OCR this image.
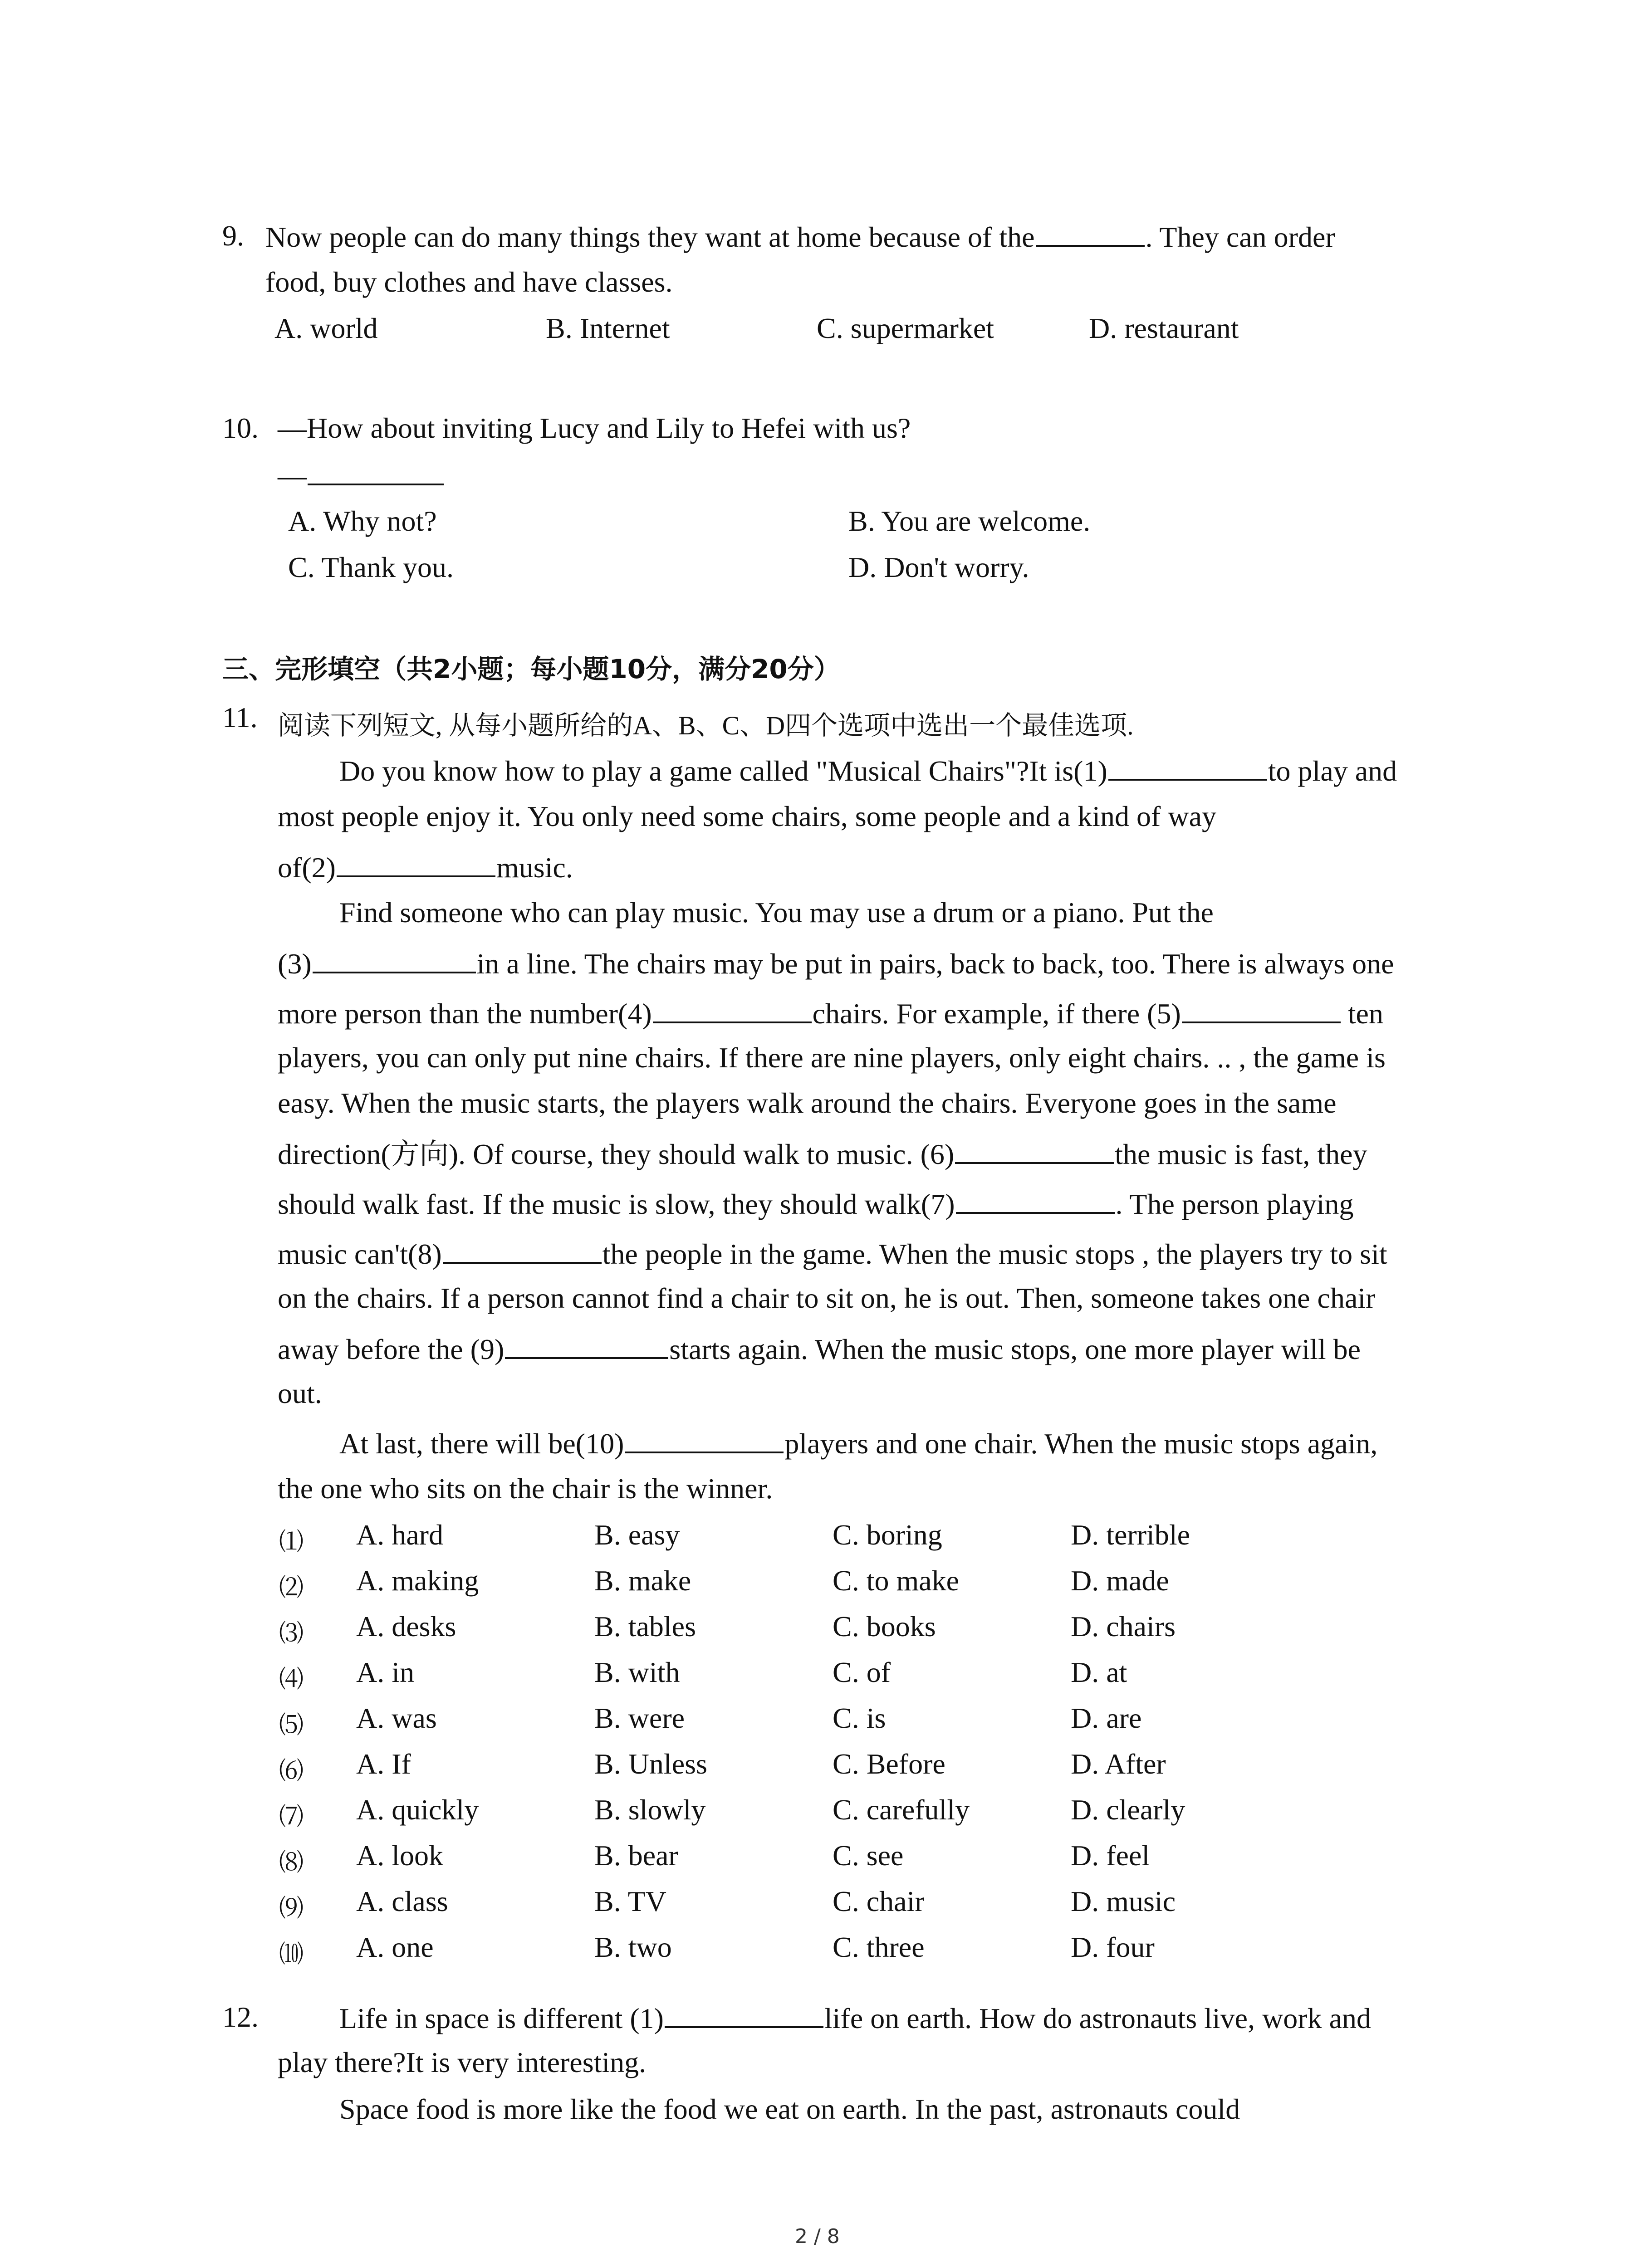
9. Now people can do many things they want at home because of the	. They can order
food, buy clothes and have classes.
A. world	B. Internet	C. supermarket	D. restaurant
10. —How about inviting Lucy and Lily to Hefei with us?
—
A. Why not?	B. You are welcome.
C. Thank you.	D. Don't worry.
三、完形填空（共2小题；每小题10分，满分20分）
11. 阅读下列短文, 从每小题所给的A、B、C、D四个选项中选出一个最佳选项.
Do you know how to play a game called "Musical Chairs"?It is(1)	to play and
most people enjoy it. You only need some chairs, some people and a kind of way
of(2)	music.
Find someone who can play music. You may use a drum or a piano. Put the
(3)	in a line. The chairs may be put in pairs, back to back, too. There is always one
more person than the number(4)	chairs. For example, if there (5)	ten
players, you can only put nine chairs. If there are nine players, only eight chairs. .. , the game is
easy. When the music starts, the players walk around the chairs. Everyone goes in the same
direction(方向). Of course, they should walk to music. (6)	the music is fast, they
should walk fast. If the music is slow, they should walk(7)	. The person playing
music can't(8)	the people in the game. When the music stops , the players try to sit
on the chairs. If a person cannot find a chair to sit on, he is out. Then, someone takes one chair
away before the (9)	starts again. When the music stops, one more player will be
out.
At last, there will be(10)	players and one chair. When the music stops again,
the one who sits on the chair is the winner.
⑴ A. hard	B. easy	C. boring	D. terrible
⑵ A. making	B. make	C. to make	D. made
⑶ A. desks	B. tables	C. books	D. chairs
⑷ A. in	B. with	C. of	D. at
⑸ A. was	B. were	C. is	D. are
⑹ A. If	B. Unless	C. Before	D. After
⑺ A. quickly	B. slowly	C. carefully	D. clearly
⑻ A. look	B. bear	C. see	D. feel
⑼ A. class	B. TV	C. chair	D. music
⑽ A. one	B. two	C. three	D. four
12.	Life in space is different (1)	life on earth. How do astronauts live, work and
play there?It is very interesting.
Space food is more like the food we eat on earth. In the past, astronauts could
2 / 8
